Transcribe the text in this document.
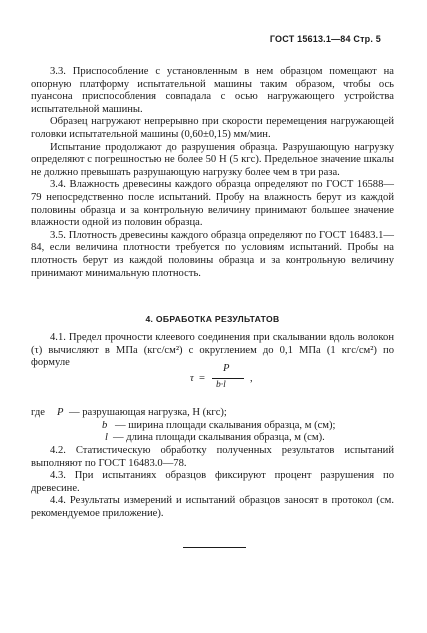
ГОСТ 15613.1—84 Стр. 5

3.3. Приспособление с установленным в нем образцом помещают на опорную платформу испытательной машины таким образом, чтобы ось пуансона приспособления совпадала с осью нагружающего устройства испытательной машины.

Образец нагружают непрерывно при скорости перемещения нагружающей головки испытательной машины (0,60±0,15) мм/мин.

Испытание продолжают до разрушения образца. Разрушающую нагрузку определяют с погрешностью не более 50 Н (5 кгс). Предельное значение шкалы не должно превышать разрушающую нагрузку более чем в три раза.

3.4. Влажность древесины каждого образца определяют по ГОСТ 16588—79 непосредственно после испытаний. Пробу на влажность берут из каждой половины образца и за контрольную величину принимают большее значение влажности одной из половин образца.

3.5. Плотность древесины каждого образца определяют по ГОСТ 16483.1—84, если величина плотности требуется по условиям испытаний. Пробы на плотность берут из каждой половины образца и за контрольную величину принимают минимальную плотность.

4. ОБРАБОТКА РЕЗУЛЬТАТОВ

4.1. Предел прочности клеевого соединения при скалывании вдоль волокон (τ) вычисляют в МПа (кгс/см²) с округлением до 0,1 МПа (1 кгс/см²) по формуле

τ =
P
b·l
,
где P — разрушающая нагрузка, Н (кгс);
b — ширина площади скалывания образца, м (см);
l — длина площади скалывания образца, м (см).

4.2. Статистическую обработку полученных результатов испытаний выполняют по ГОСТ 16483.0—78.

4.3. При испытаниях образцов фиксируют процент разрушения по древесине.

4.4. Результаты измерений и испытаний образцов заносят в протокол (см. рекомендуемое приложение).
